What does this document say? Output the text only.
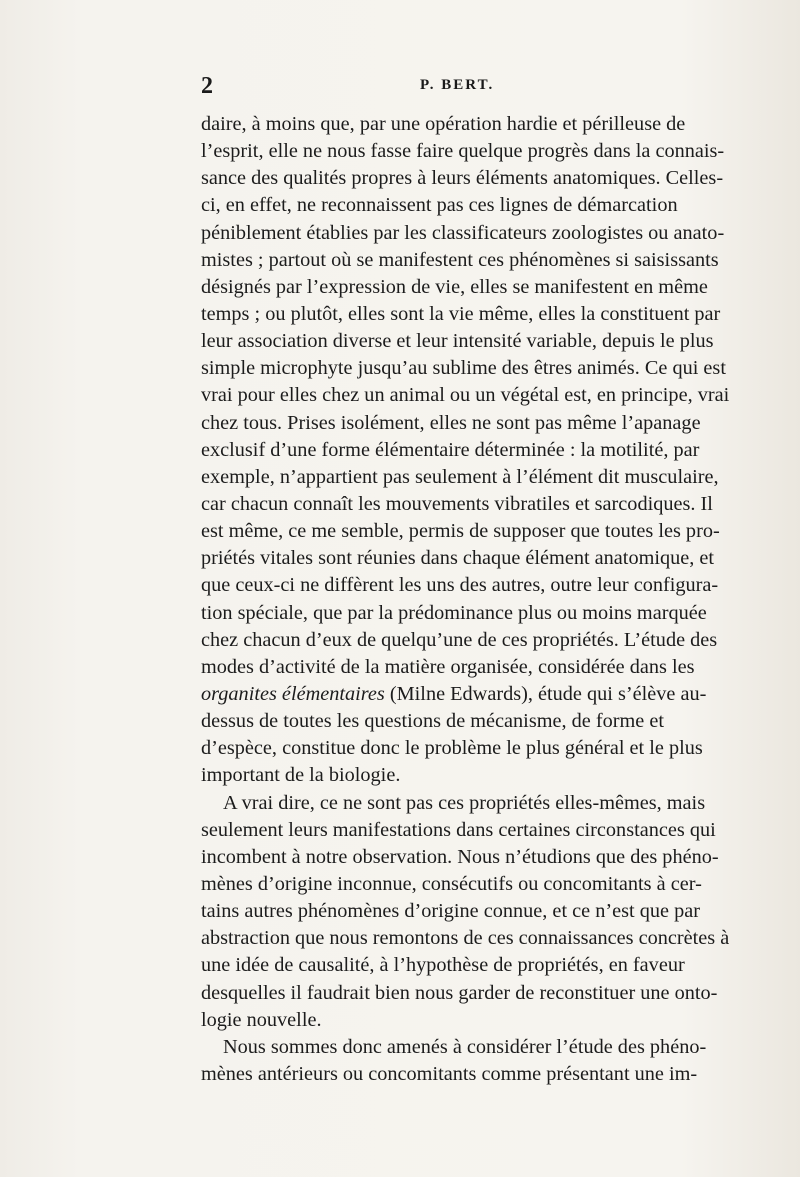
2	P. BERT.
daire, à moins que, par une opération hardie et périlleuse de
l’esprit, elle ne nous fasse faire quelque progrès dans la connais-
sance des qualités propres à leurs éléments anatomiques. Celles-
ci, en effet, ne reconnaissent pas ces lignes de démarcation
péniblement établies par les classificateurs zoologistes ou anato-
mistes ; partout où se manifestent ces phénomènes si saisissants
désignés par l’expression de vie, elles se manifestent en même
temps ; ou plutôt, elles sont la vie même, elles la constituent par
leur association diverse et leur intensité variable, depuis le plus
simple microphyte jusqu’au sublime des êtres animés. Ce qui est
vrai pour elles chez un animal ou un végétal est, en principe, vrai
chez tous. Prises isolément, elles ne sont pas même l’apanage
exclusif d’une forme élémentaire déterminée : la motilité, par
exemple, n’appartient pas seulement à l’élément dit musculaire,
car chacun connaît les mouvements vibratiles et sarcodiques. Il
est même, ce me semble, permis de supposer que toutes les pro-
priétés vitales sont réunies dans chaque élément anatomique, et
que ceux-ci ne diffèrent les uns des autres, outre leur configura-
tion spéciale, que par la prédominance plus ou moins marquée
chez chacun d’eux de quelqu’une de ces propriétés. L’étude des
modes d’activité de la matière organisée, considérée dans les
organites élémentaires (Milne Edwards), étude qui s’élève au-
dessus de toutes les questions de mécanisme, de forme et
d’espèce, constitue donc le problème le plus général et le plus
important de la biologie.
A vrai dire, ce ne sont pas ces propriétés elles-mêmes, mais
seulement leurs manifestations dans certaines circonstances qui
incombent à notre observation. Nous n’étudions que des phéno-
mènes d’origine inconnue, consécutifs ou concomitants à cer-
tains autres phénomènes d’origine connue, et ce n’est que par
abstraction que nous remontons de ces connaissances concrètes à
une idée de causalité, à l’hypothèse de propriétés, en faveur
desquelles il faudrait bien nous garder de reconstituer une onto-
logie nouvelle.
Nous sommes donc amenés à considérer l’étude des phéno-
mènes antérieurs ou concomitants comme présentant une im-
